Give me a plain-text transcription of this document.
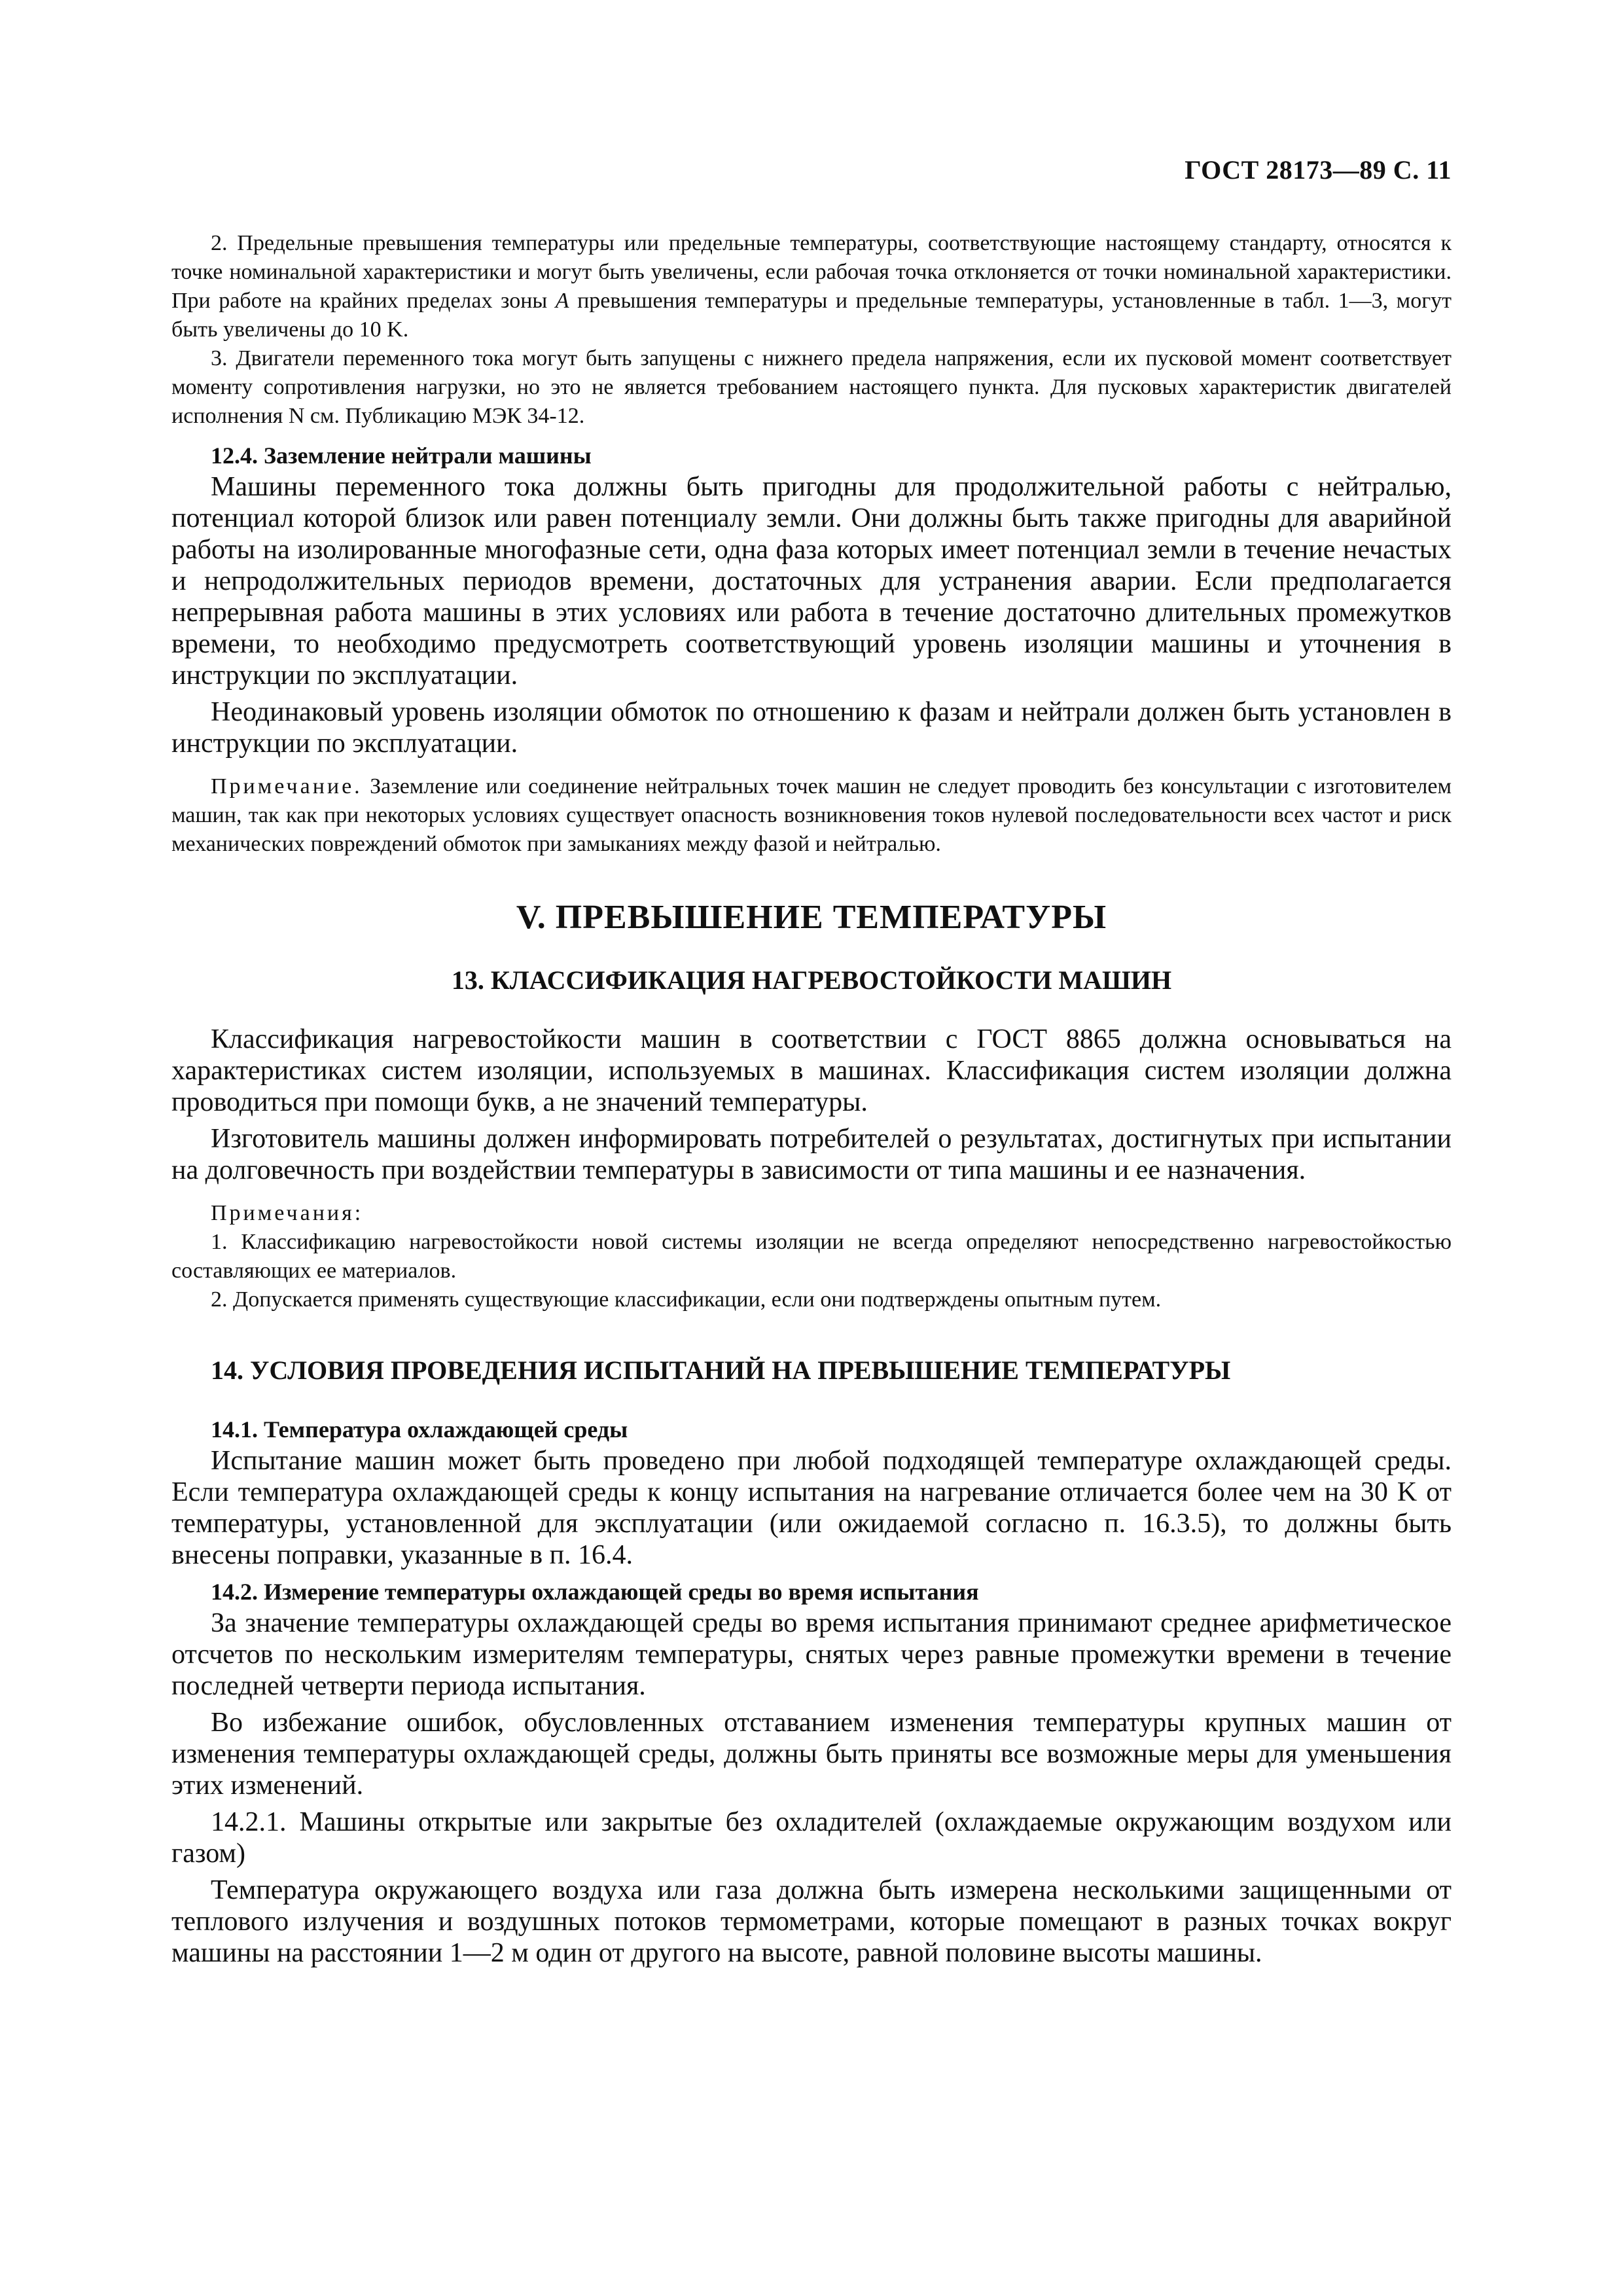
ГОСТ 28173—89 С. 11

2. Предельные превышения температуры или предельные температуры, соответствующие настоящему стандарту, относятся к точке номинальной характеристики и могут быть увеличены, если рабочая точка отклоняется от точки номинальной характеристики. При работе на крайних пределах зоны A превышения температуры и предельные температуры, установленные в табл. 1—3, могут быть увеличены до 10 K.

3. Двигатели переменного тока могут быть запущены с нижнего предела напряжения, если их пусковой момент соответствует моменту сопротивления нагрузки, но это не является требованием настоящего пункта. Для пусковых характеристик двигателей исполнения N см. Публикацию МЭК 34-12.

12.4. Заземление нейтрали машины

Машины переменного тока должны быть пригодны для продолжительной работы с нейтралью, потенциал которой близок или равен потенциалу земли. Они должны быть также пригодны для аварийной работы на изолированные многофазные сети, одна фаза которых имеет потенциал земли в течение нечастых и непродолжительных периодов времени, достаточных для устранения аварии. Если предполагается непрерывная работа машины в этих условиях или работа в течение достаточно длительных промежутков времени, то необходимо предусмотреть соответствующий уровень изоляции машины и уточнения в инструкции по эксплуатации.

Неодинаковый уровень изоляции обмоток по отношению к фазам и нейтрали должен быть установлен в инструкции по эксплуатации.

Примечание. Заземление или соединение нейтральных точек машин не следует проводить без консультации с изготовителем машин, так как при некоторых условиях существует опасность возникновения токов нулевой последовательности всех частот и риск механических повреждений обмоток при замыканиях между фазой и нейтралью.

V. ПРЕВЫШЕНИЕ ТЕМПЕРАТУРЫ
13. КЛАССИФИКАЦИЯ НАГРЕВОСТОЙКОСТИ МАШИН

Классификация нагревостойкости машин в соответствии с ГОСТ 8865 должна основываться на характеристиках систем изоляции, используемых в машинах. Классификация систем изоляции должна проводиться при помощи букв, а не значений температуры.

Изготовитель машины должен информировать потребителей о результатах, достигнутых при испытании на долговечность при воздействии температуры в зависимости от типа машины и ее назначения.

Примечания:

1. Классификацию нагревостойкости новой системы изоляции не всегда определяют непосредственно нагревостойкостью составляющих ее материалов.

2. Допускается применять существующие классификации, если они подтверждены опытным путем.

14. УСЛОВИЯ ПРОВЕДЕНИЯ ИСПЫТАНИЙ НА ПРЕВЫШЕНИЕ ТЕМПЕРАТУРЫ
14.1. Температура охлаждающей среды

Испытание машин может быть проведено при любой подходящей температуре охлаждающей среды. Если температура охлаждающей среды к концу испытания на нагревание отличается более чем на 30 K от температуры, установленной для эксплуатации (или ожидаемой согласно п. 16.3.5), то должны быть внесены поправки, указанные в п. 16.4.

14.2. Измерение температуры охлаждающей среды во время испытания

За значение температуры охлаждающей среды во время испытания принимают среднее арифметическое отсчетов по нескольким измерителям температуры, снятых через равные промежутки времени в течение последней четверти периода испытания.

Во избежание ошибок, обусловленных отставанием изменения температуры крупных машин от изменения температуры охлаждающей среды, должны быть приняты все возможные меры для уменьшения этих изменений.

14.2.1. Машины открытые или закрытые без охладителей (охлаждаемые окружающим воздухом или газом)

Температура окружающего воздуха или газа должна быть измерена несколькими защищенными от теплового излучения и воздушных потоков термометрами, которые помещают в разных точках вокруг машины на расстоянии 1—2 м один от другого на высоте, равной половине высоты машины.
